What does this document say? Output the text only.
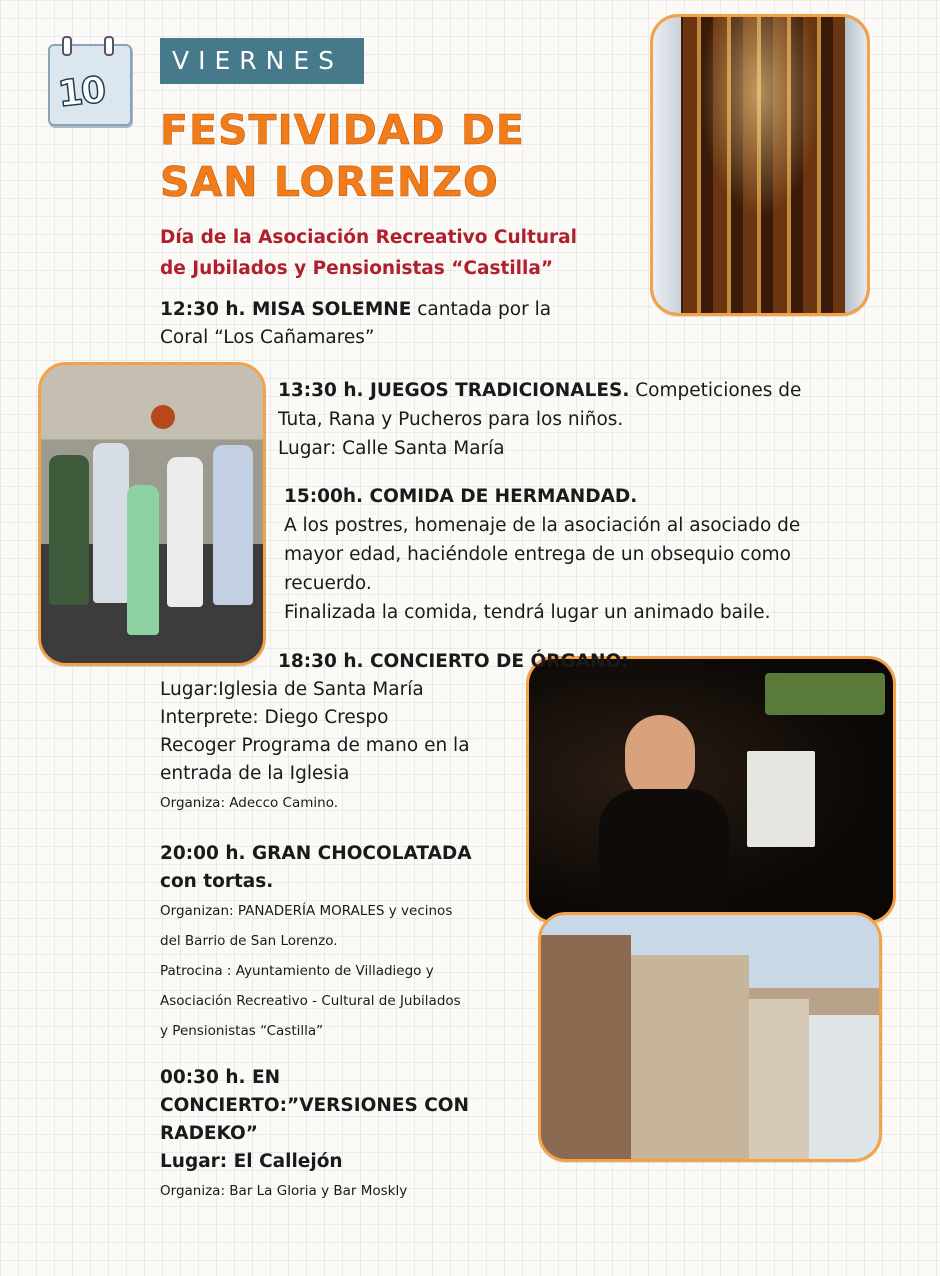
10
VIERNES
FESTIVIDAD DE
SAN LORENZO
Día de la Asociación Recreativo Cultural
de Jubilados y Pensionistas “Castilla”
12:30 h. MISA SOLEMNE cantada por la
Coral “Los Cañamares”
13:30 h. JUEGOS TRADICIONALES. Competiciones de
Tuta, Rana y Pucheros para los niños.
Lugar: Calle Santa María
15:00h. COMIDA DE HERMANDAD.
A los postres, homenaje de la asociación al asociado de
mayor edad, haciéndole entrega de un obsequio como
recuerdo.
Finalizada la comida, tendrá lugar un animado baile.
18:30 h. CONCIERTO DE ÓRGANO:
Lugar:Iglesia de Santa María
Interprete: Diego Crespo
Recoger Programa de mano en la
entrada de la Iglesia
Organiza: Adecco Camino.
20:00 h. GRAN CHOCOLATADA
con tortas.
Organizan: PANADERÍA MORALES y vecinos
del Barrio de San Lorenzo.
Patrocina : Ayuntamiento de Villadiego y
Asociación Recreativo - Cultural de Jubilados
y Pensionistas “Castilla”
00:30 h. EN
CONCIERTO:”VERSIONES CON
RADEKO”
Lugar: El Callejón
Organiza: Bar La Gloria y Bar Moskly
